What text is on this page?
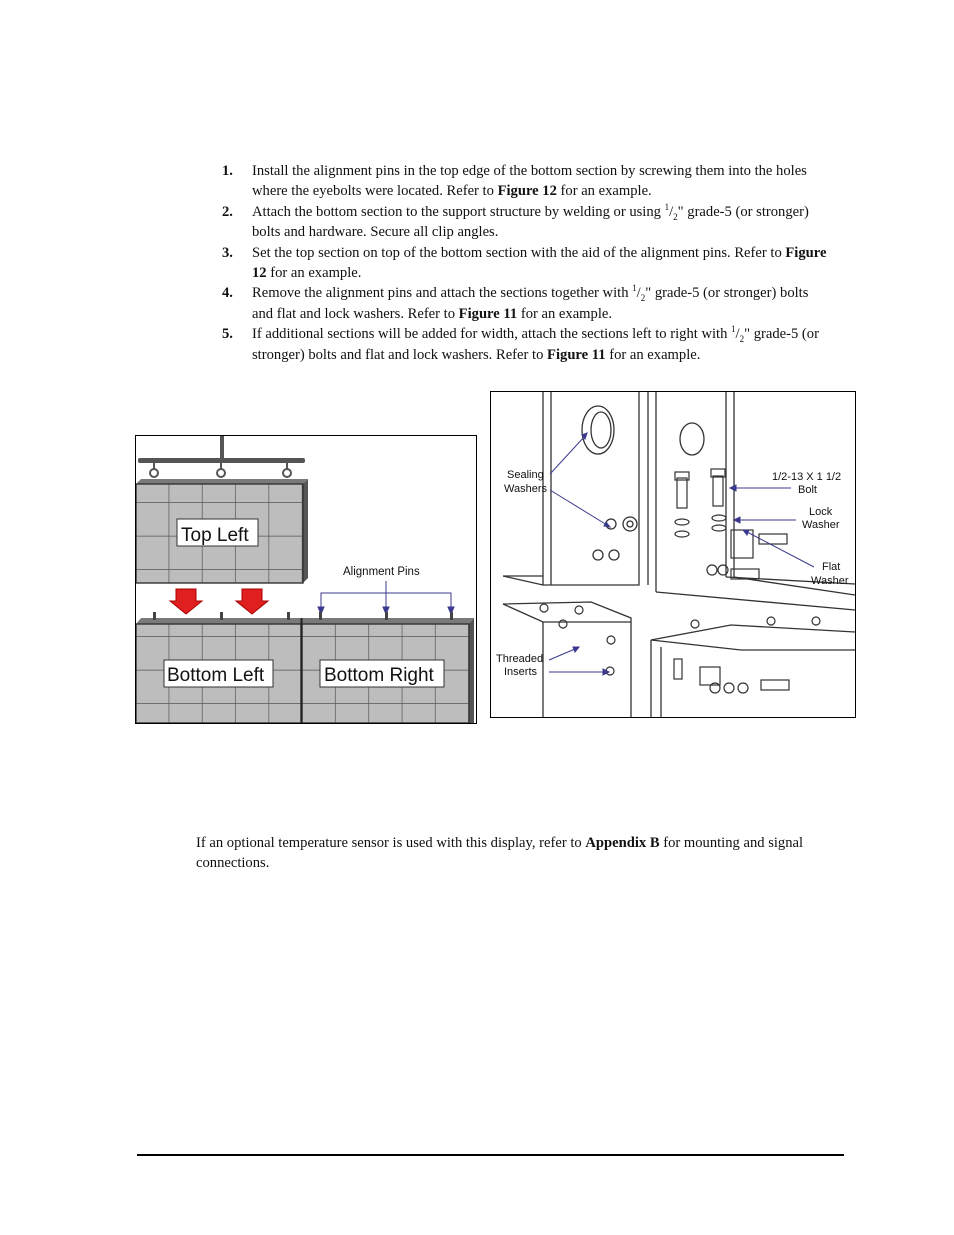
1. Install the alignment pins in the top edge of the bottom section by screwing them into the holes where the eyebolts were located. Refer to Figure 12 for an example.
2. Attach the bottom section to the support structure by welding or using $^1/_2$" grade-5 (or stronger) bolts and hardware. Secure all clip angles.
3. Set the top section on top of the bottom section with the aid of the alignment pins. Refer to Figure 12 for an example.
4. Remove the alignment pins and attach the sections together with $^1/_2$" grade-5 (or stronger) bolts and flat and lock washers. Refer to Figure 11 for an example.
5. If additional sections will be added for width, attach the sections left to right with $^1/_2$" grade-5 (or stronger) bolts and flat and lock washers. Refer to Figure 11 for an example.
Top Left
Alignment Pins
Bottom Left	Bottom Right
Sealing
Washers
1/2-13 X 1 1/2
Bolt
Lock
Washer
Flat
Washer
Threaded
Inserts

If an optional temperature sensor is used with this display, refer to Appendix B for mounting and signal connections.
